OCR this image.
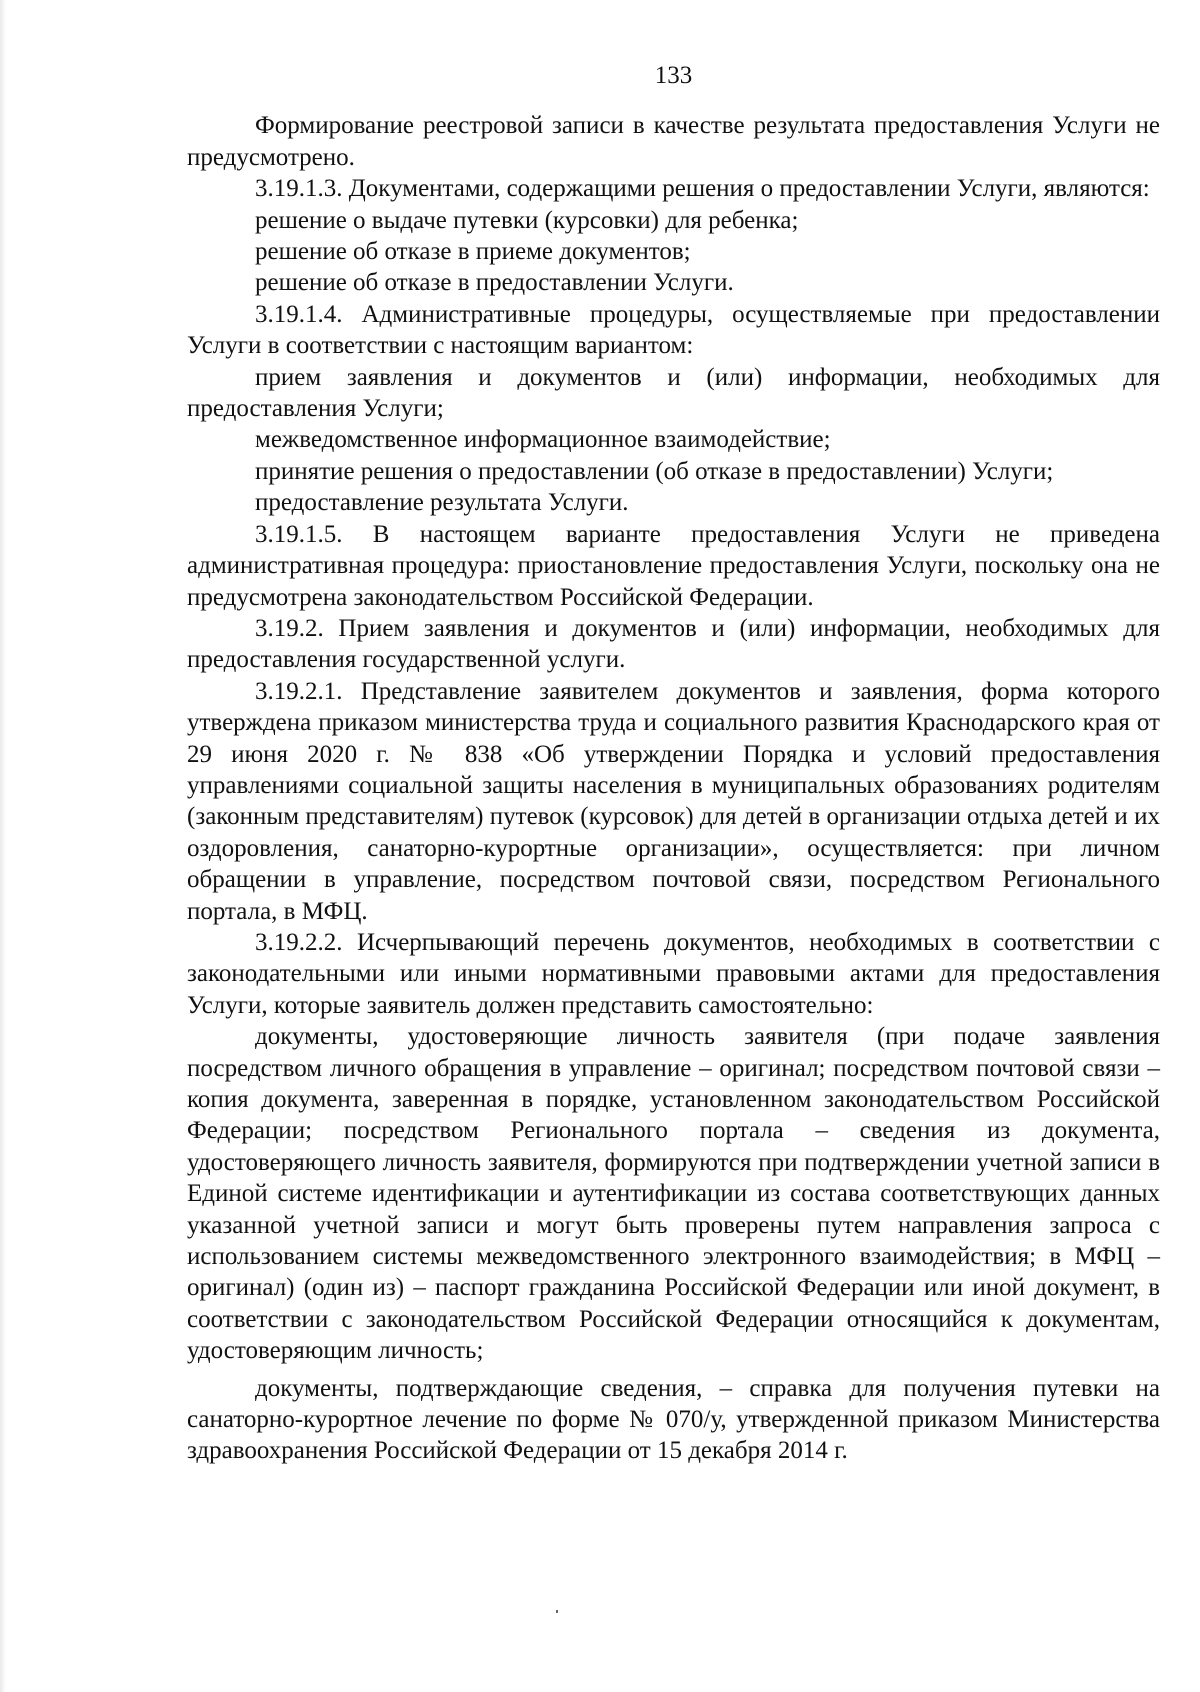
133

Формирование реестровой записи в качестве результата предоставления Услуги не предусмотрено.

3.19.1.3. Документами, содержащими решения о предоставлении Услуги, являются:

решение о выдаче путевки (курсовки) для ребенка;

решение об отказе в приеме документов;

решение об отказе в предоставлении Услуги.

3.19.1.4. Административные процедуры, осуществляемые при предоставлении Услуги в соответствии с настоящим вариантом:

прием заявления и документов и (или) информации, необходимых для предоставления Услуги;

межведомственное информационное взаимодействие;

принятие решения о предоставлении (об отказе в предоставлении) Услуги;

предоставление результата Услуги.

3.19.1.5. В настоящем варианте предоставления Услуги не приведена административная процедура: приостановление предоставления Услуги, поскольку она не предусмотрена законодательством Российской Федерации.

3.19.2. Прием заявления и документов и (или) информации, необходимых для предоставления государственной услуги.

3.19.2.1. Представление заявителем документов и заявления, форма которого утверждена приказом министерства труда и социального развития Краснодарского края от 29 июня 2020 г. № 838 «Об утверждении Порядка и условий предоставления управлениями социальной защиты населения в муниципальных образованиях родителям (законным представителям) путевок (курсовок) для детей в организации отдыха детей и их оздоровления, санаторно-курортные организации», осуществляется: при личном обращении в управление, посредством почтовой связи, посредством Регионального портала, в МФЦ.

3.19.2.2. Исчерпывающий перечень документов, необходимых в соответствии с законодательными или иными нормативными правовыми актами для предоставления Услуги, которые заявитель должен представить самостоятельно:

документы, удостоверяющие личность заявителя (при подаче заявления посредством личного обращения в управление – оригинал; посредством почтовой связи – копия документа, заверенная в порядке, установленном законодательством Российской Федерации; посредством Регионального портала – сведения из документа, удостоверяющего личность заявителя, формируются при подтверждении учетной записи в Единой системе идентификации и аутентификации из состава соответствующих данных указанной учетной записи и могут быть проверены путем направления запроса с использованием системы межведомственного электронного взаимодействия; в МФЦ – оригинал) (один из) – паспорт гражданина Российской Федерации или иной документ, в соответствии с законодательством Российской Федерации относящийся к документам, удостоверяющим личность;

документы, подтверждающие сведения, – справка для получения путевки на санаторно-курортное лечение по форме № 070/у, утвержденной приказом Министерства здравоохранения Российской Федерации от 15 декабря 2014 г.
